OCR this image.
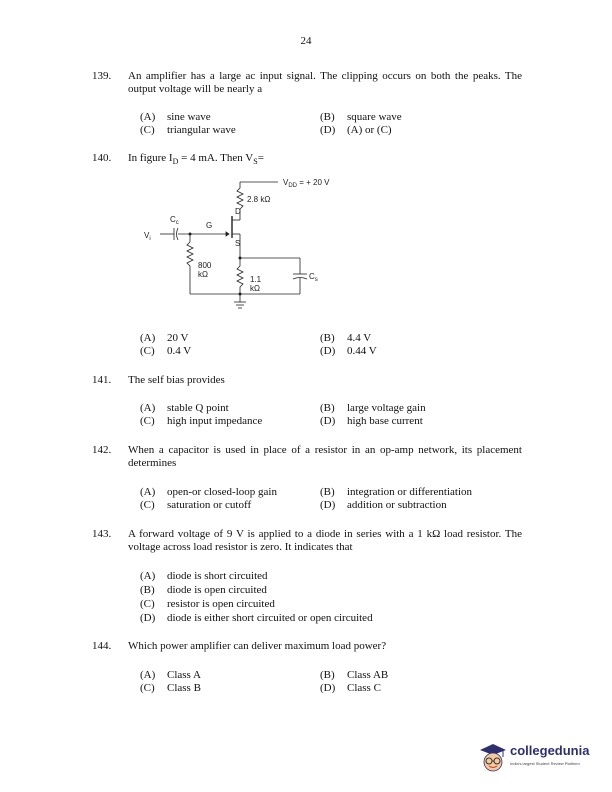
24
139. An amplifier has a large ac input signal. The clipping occurs on both the peaks. The output voltage will be nearly a
(A) sine wave	(B) square wave
(C) triangular wave	(D) (A) or (C)
140. In figure $I_D = 4$ mA. Then $V_S=$
$V_{DD}$ = + 20 V
2.8 kΩ
$C_c$	G
D
S
$V_i$
800
kΩ
1.1
kΩ
$C_s$
(A) 20 V	(B) 4.4 V
(C) 0.4 V	(D) 0.44 V
141. The self bias provides
(A) stable Q point	(B) large voltage gain
(C) high input impedance	(D) high base current
142. When a capacitor is used in place of a resistor in an op-amp network, its placement determines
(A) open-or closed-loop gain	(B) integration or differentiation
(C) saturation or cutoff	(D) addition or subtraction
143. A forward voltage of 9 V is applied to a diode in series with a 1 kΩ load resistor. The voltage across load resistor is zero. It indicates that
(A) diode is short circuited
(B) diode is open circuited
(C) resistor is open circuited
(D) diode is either short circuited or open circuited
144. Which power amplifier can deliver maximum load power?
(A) Class A	(B) Class AB
(C) Class B	(D) Class C
collegedunia
India's largest Student Review Platform
